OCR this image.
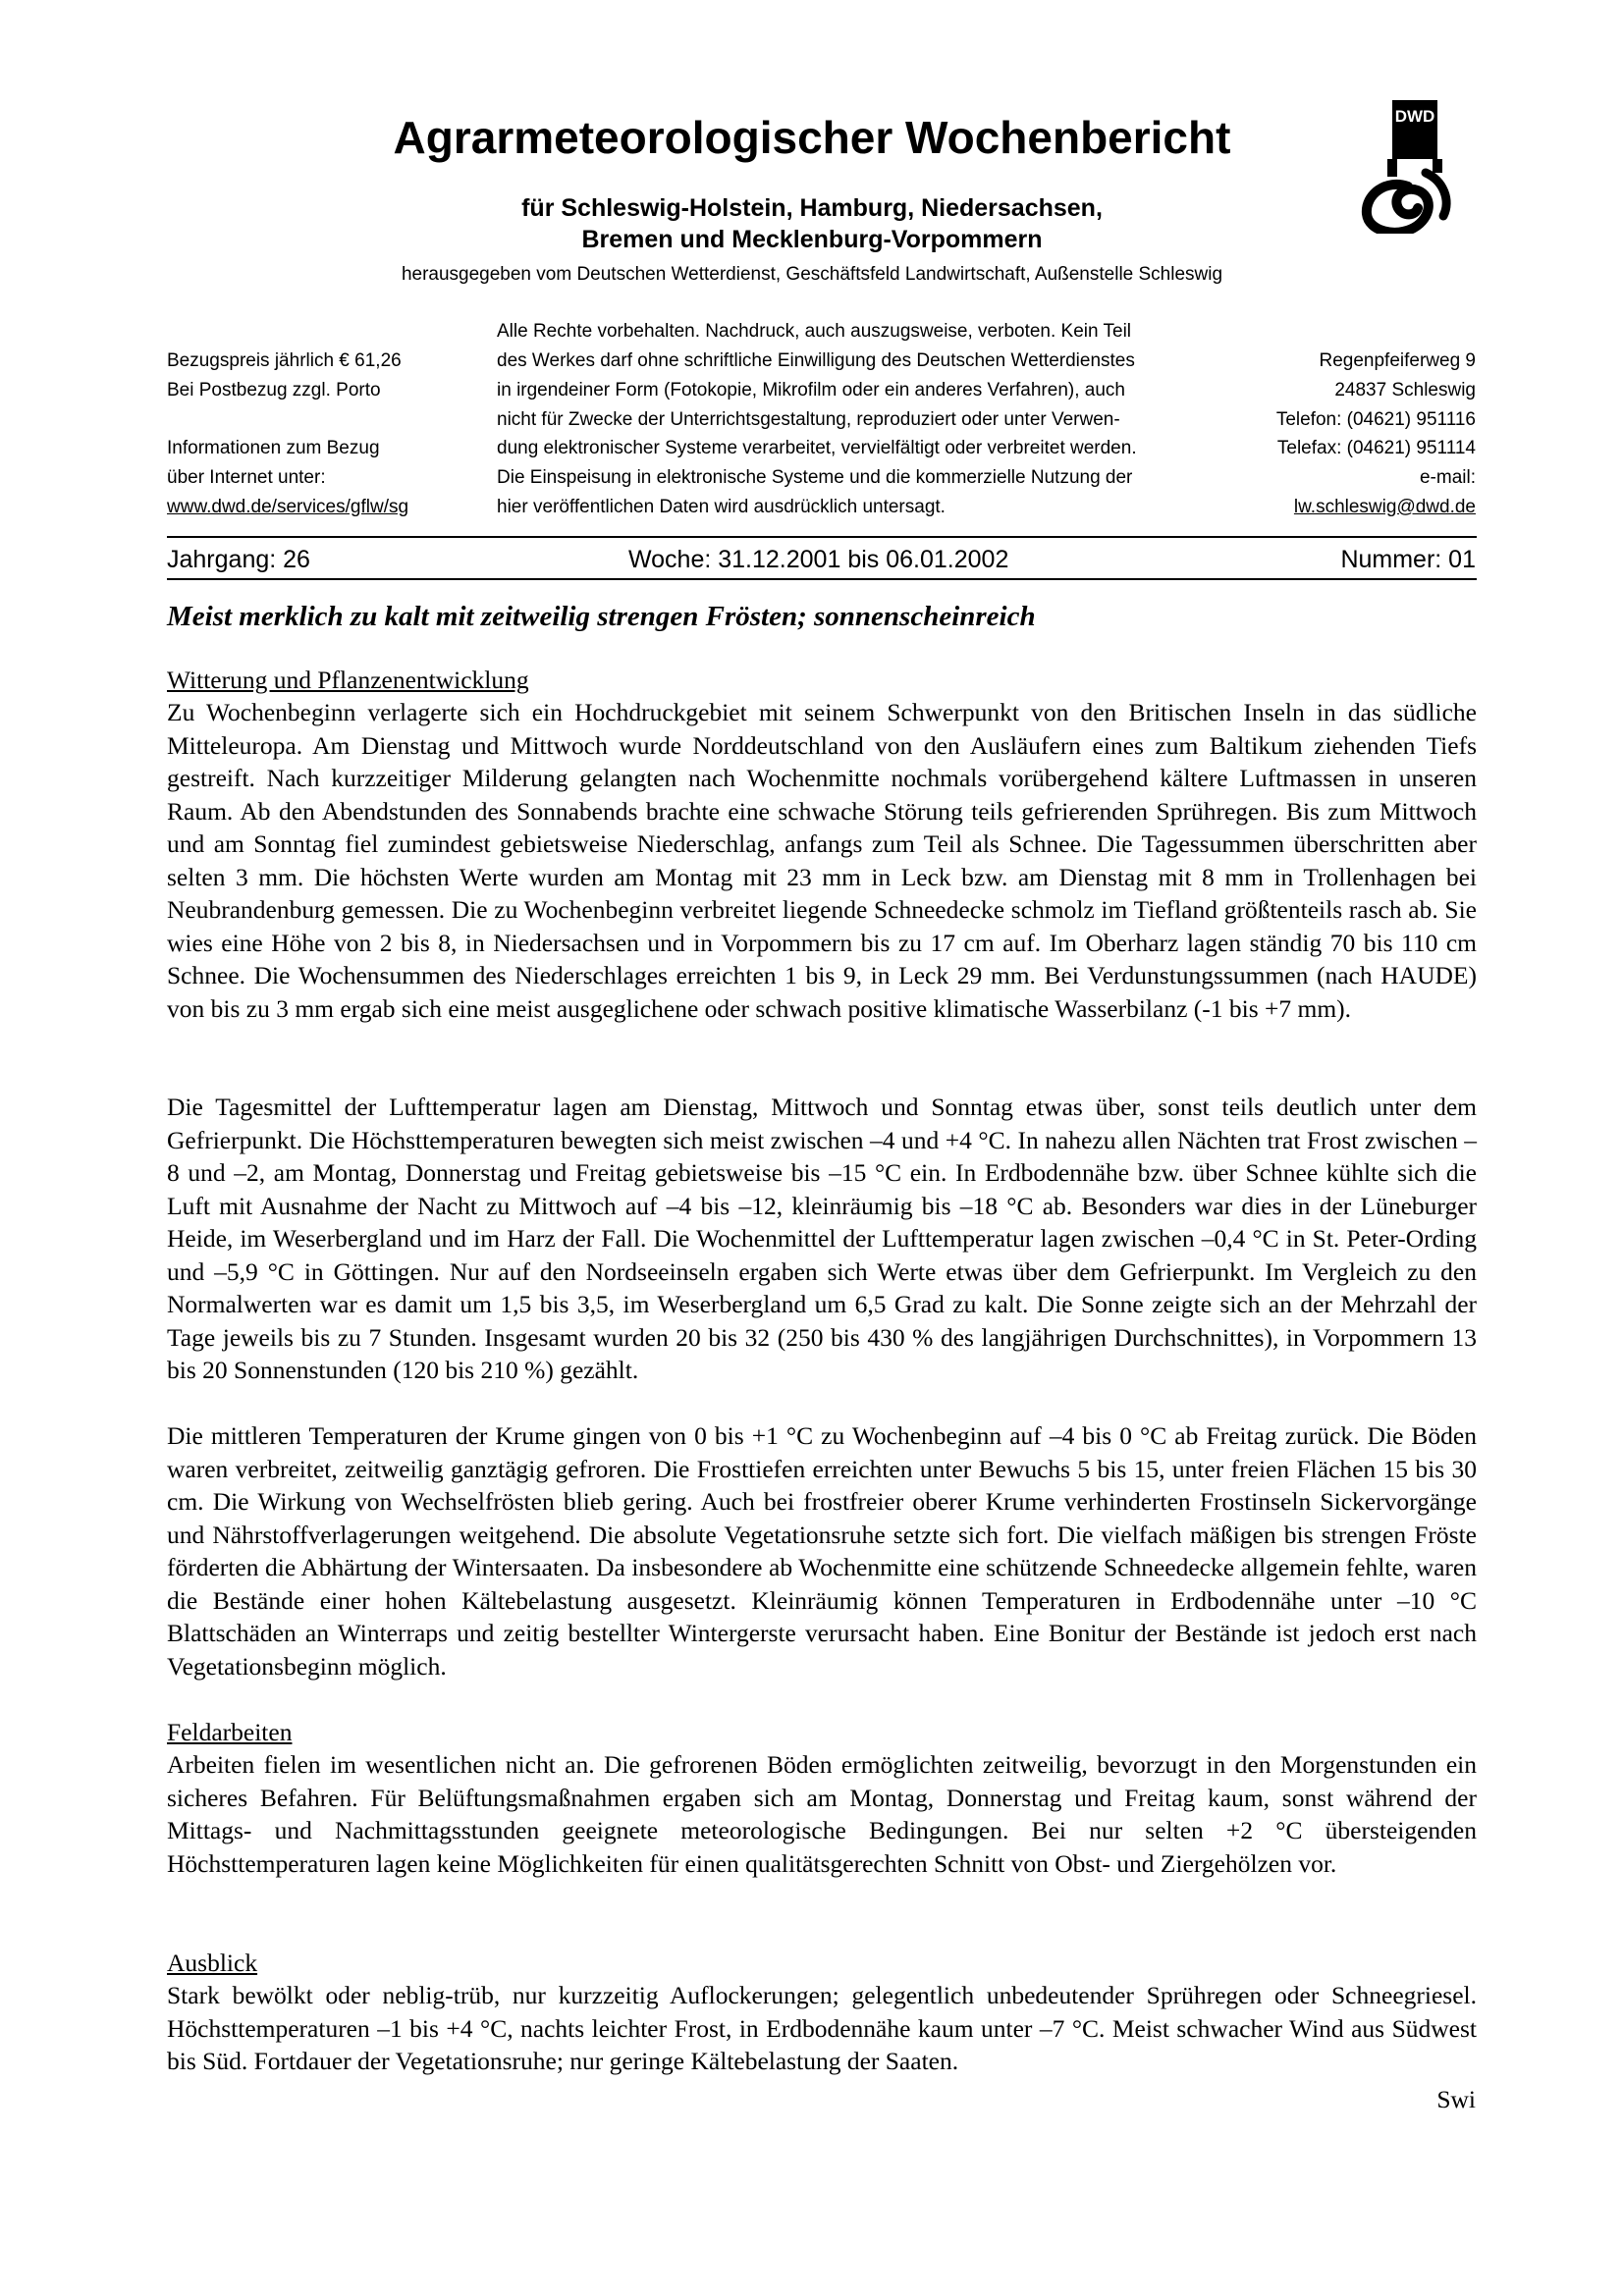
Agrarmeteorologischer Wochenbericht
für Schleswig-Holstein, Hamburg, Niedersachsen,
Bremen und Mecklenburg-Vorpommern
herausgegeben vom Deutschen Wetterdienst, Geschäftsfeld Landwirtschaft, Außenstelle Schleswig
DWD
Bezugspreis jährlich € 61,26
Bei Postbezug zzgl. Porto
Informationen zum Bezug
über Internet unter:
www.dwd.de/services/gflw/sg
Alle Rechte vorbehalten. Nachdruck, auch auszugsweise, verboten. Kein Teil
des Werkes darf ohne schriftliche Einwilligung des Deutschen Wetterdienstes
in irgendeiner Form (Fotokopie, Mikrofilm oder ein anderes Verfahren), auch
nicht für Zwecke der Unterrichtsgestaltung, reproduziert oder unter Verwen-
dung elektronischer Systeme verarbeitet, vervielfältigt oder verbreitet werden.
Die Einspeisung in elektronische Systeme und die kommerzielle Nutzung der
hier veröffentlichen Daten wird ausdrücklich untersagt.
Regenpfeiferweg 9
24837 Schleswig
Telefon: (04621) 951116
Telefax: (04621) 951114
e-mail:
lw.schleswig@dwd.de
Jahrgang: 26	Woche: 31.12.2001 bis 06.01.2002	Nummer: 01
Meist merklich zu kalt mit zeitweilig strengen Frösten; sonnenscheinreich
Witterung und Pflanzenentwicklung
Zu Wochenbeginn verlagerte sich ein Hochdruckgebiet mit seinem Schwerpunkt von den Britischen Inseln in das südliche Mitteleuropa. Am Dienstag und Mittwoch wurde Norddeutschland von den Ausläufern eines zum Baltikum ziehenden Tiefs gestreift. Nach kurzzeitiger Milderung gelangten nach Wochenmitte nochmals vorübergehend kältere Luftmassen in unseren Raum. Ab den Abendstunden des Sonnabends brachte eine schwache Störung teils gefrierenden Sprühregen. Bis zum Mittwoch und am Sonntag fiel zumindest gebietsweise Niederschlag, anfangs zum Teil als Schnee. Die Tagessummen überschritten aber selten 3 mm. Die höchsten Werte wurden am Montag mit 23 mm in Leck bzw. am Dienstag mit 8 mm in Trollenhagen bei Neubrandenburg gemessen. Die zu Wochenbeginn verbreitet liegende Schneedecke schmolz im Tiefland größtenteils rasch ab. Sie wies eine Höhe von 2 bis 8, in Niedersachsen und in Vorpommern bis zu 17 cm auf. Im Oberharz lagen ständig 70 bis 110 cm Schnee. Die Wochensummen des Niederschlages erreichten 1 bis 9, in Leck 29 mm. Bei Verdunstungssummen (nach HAUDE) von bis zu 3 mm ergab sich eine meist ausgeglichene oder schwach positive klimatische Wasserbilanz (-1 bis +7 mm).
Die Tagesmittel der Lufttemperatur lagen am Dienstag, Mittwoch und Sonntag etwas über, sonst teils deutlich unter dem Gefrierpunkt. Die Höchsttemperaturen bewegten sich meist zwischen –4 und +4 °C. In nahezu allen Nächten trat Frost zwischen –8 und –2, am Montag, Donnerstag und Freitag gebietsweise bis –15 °C ein. In Erdbodennähe bzw. über Schnee kühlte sich die Luft mit Ausnahme der Nacht zu Mittwoch auf –4 bis –12, kleinräumig bis –18 °C ab. Besonders war dies in der Lüneburger Heide, im Weserbergland und im Harz der Fall. Die Wochenmittel der Lufttemperatur lagen zwischen –0,4 °C in St. Peter-Ording und –5,9 °C in Göttingen. Nur auf den Nordseeinseln ergaben sich Werte etwas über dem Gefrierpunkt. Im Vergleich zu den Normalwerten war es damit um 1,5 bis 3,5, im Weserbergland um 6,5 Grad zu kalt. Die Sonne zeigte sich an der Mehrzahl der Tage jeweils bis zu 7 Stunden. Insgesamt wurden 20 bis 32 (250 bis 430 % des langjährigen Durchschnittes), in Vorpommern 13 bis 20 Sonnenstunden (120 bis 210 %) gezählt.
Die mittleren Temperaturen der Krume gingen von 0 bis +1 °C zu Wochenbeginn auf –4 bis 0 °C ab Freitag zurück. Die Böden waren verbreitet, zeitweilig ganztägig gefroren. Die Frosttiefen erreichten unter Bewuchs 5 bis 15, unter freien Flächen 15 bis 30 cm. Die Wirkung von Wechselfrösten blieb gering. Auch bei frostfreier oberer Krume verhinderten Frostinseln Sickervorgänge und Nährstoffverlagerungen weitgehend. Die absolute Vegetationsruhe setzte sich fort. Die vielfach mäßigen bis strengen Fröste förderten die Abhärtung der Wintersaaten. Da insbesondere ab Wochenmitte eine schützende Schneedecke allgemein fehlte, waren die Bestände einer hohen Kältebelastung ausgesetzt. Kleinräumig können Temperaturen in Erdbodennähe unter –10 °C Blattschäden an Winterraps und zeitig bestellter Wintergerste verursacht haben. Eine Bonitur der Bestände ist jedoch erst nach Vegetationsbeginn möglich.
Feldarbeiten
Arbeiten fielen im wesentlichen nicht an. Die gefrorenen Böden ermöglichten zeitweilig, bevorzugt in den Morgenstunden ein sicheres Befahren. Für Belüftungsmaßnahmen ergaben sich am Montag, Donnerstag und Freitag kaum, sonst während der Mittags- und Nachmittagsstunden geeignete meteorologische Bedingungen. Bei nur selten +2 °C übersteigenden Höchsttemperaturen lagen keine Möglichkeiten für einen qualitätsgerechten Schnitt von Obst- und Ziergehölzen vor.
Ausblick
Stark bewölkt oder neblig-trüb, nur kurzzeitig Auflockerungen; gelegentlich unbedeutender Sprühregen oder Schneegriesel. Höchsttemperaturen –1 bis +4 °C, nachts leichter Frost, in Erdbodennähe kaum unter –7 °C. Meist schwacher Wind aus Südwest bis Süd. Fortdauer der Vegetationsruhe; nur geringe Kältebelastung der Saaten.
Swi
